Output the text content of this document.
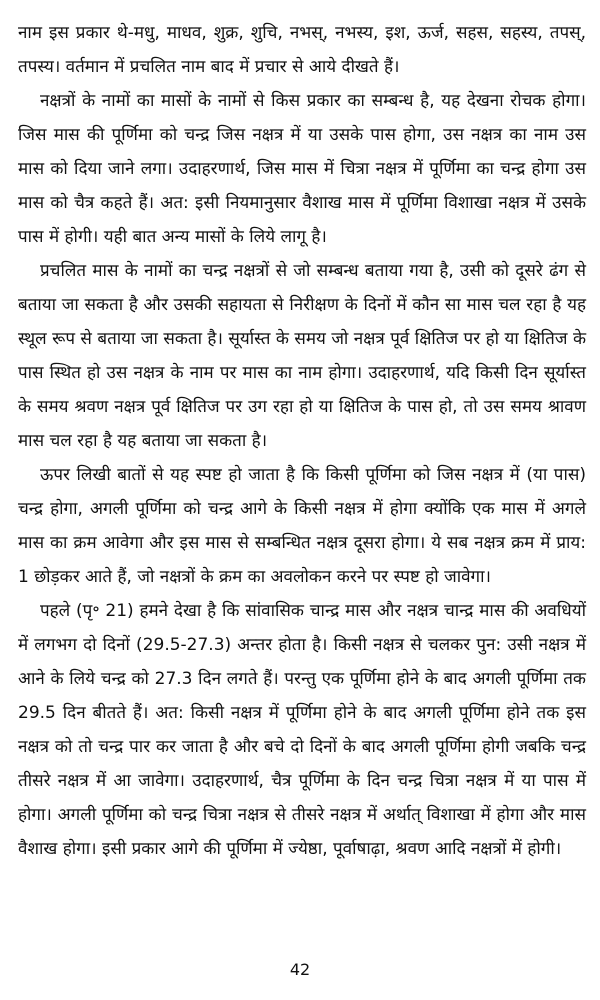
नाम इस प्रकार थे-मधु, माधव, शुक्र, शुचि, नभस्, नभस्य, इश, ऊर्ज, सहस, सहस्य, तपस्, तपस्य। वर्तमान में प्रचलित नाम बाद में प्रचार से आये दीखते हैं।

नक्षत्रों के नामों का मासों के नामों से किस प्रकार का सम्बन्ध है, यह देखना रोचक होगा। जिस मास की पूर्णिमा को चन्द्र जिस नक्षत्र में या उसके पास होगा, उस नक्षत्र का नाम उस मास को दिया जाने लगा। उदाहरणार्थ, जिस मास में चित्रा नक्षत्र में पूर्णिमा का चन्द्र होगा उस मास को चैत्र कहते हैं। अत: इसी नियमानुसार वैशाख मास में पूर्णिमा विशाखा नक्षत्र में उसके पास में होगी। यही बात अन्य मासों के लिये लागू है।

प्रचलित मास के नामों का चन्द्र नक्षत्रों से जो सम्बन्ध बताया गया है, उसी को दूसरे ढंग से बताया जा सकता है और उसकी सहायता से निरीक्षण के दिनों में कौन सा मास चल रहा है यह स्थूल रूप से बताया जा सकता है। सूर्यास्त के समय जो नक्षत्र पूर्व क्षितिज पर हो या क्षितिज के पास स्थित हो उस नक्षत्र के नाम पर मास का नाम होगा। उदाहरणार्थ, यदि किसी दिन सूर्यास्त के समय श्रवण नक्षत्र पूर्व क्षितिज पर उग रहा हो या क्षितिज के पास हो, तो उस समय श्रावण मास चल रहा है यह बताया जा सकता है।

ऊपर लिखी बातों से यह स्पष्ट हो जाता है कि किसी पूर्णिमा को जिस नक्षत्र में (या पास) चन्द्र होगा, अगली पूर्णिमा को चन्द्र आगे के किसी नक्षत्र में होगा क्योंकि एक मास में अगले मास का क्रम आवेगा और इस मास से सम्बन्धित नक्षत्र दूसरा होगा। ये सब नक्षत्र क्रम में प्राय: 1 छोड़कर आते हैं, जो नक्षत्रों के क्रम का अवलोकन करने पर स्पष्ट हो जावेगा।

पहले (पृ॰ 21) हमने देखा है कि सांवासिक चान्द्र मास और नक्षत्र चान्द्र मास की अवधियों में लगभग दो दिनों (29.5-27.3) अन्तर होता है। किसी नक्षत्र से चलकर पुन: उसी नक्षत्र में आने के लिये चन्द्र को 27.3 दिन लगते हैं। परन्तु एक पूर्णिमा होने के बाद अगली पूर्णिमा तक 29.5 दिन बीतते हैं। अत: किसी नक्षत्र में पूर्णिमा होने के बाद अगली पूर्णिमा होने तक इस नक्षत्र को तो चन्द्र पार कर जाता है और बचे दो दिनों के बाद अगली पूर्णिमा होगी जबकि चन्द्र तीसरे नक्षत्र में आ जावेगा। उदाहरणार्थ, चैत्र पूर्णिमा के दिन चन्द्र चित्रा नक्षत्र में या पास में होगा। अगली पूर्णिमा को चन्द्र चित्रा नक्षत्र से तीसरे नक्षत्र में अर्थात् विशाखा में होगा और मास वैशाख होगा। इसी प्रकार आगे की पूर्णिमा में ज्येष्ठा, पूर्वाषाढ़ा, श्रवण आदि नक्षत्रों में होगी।

42
